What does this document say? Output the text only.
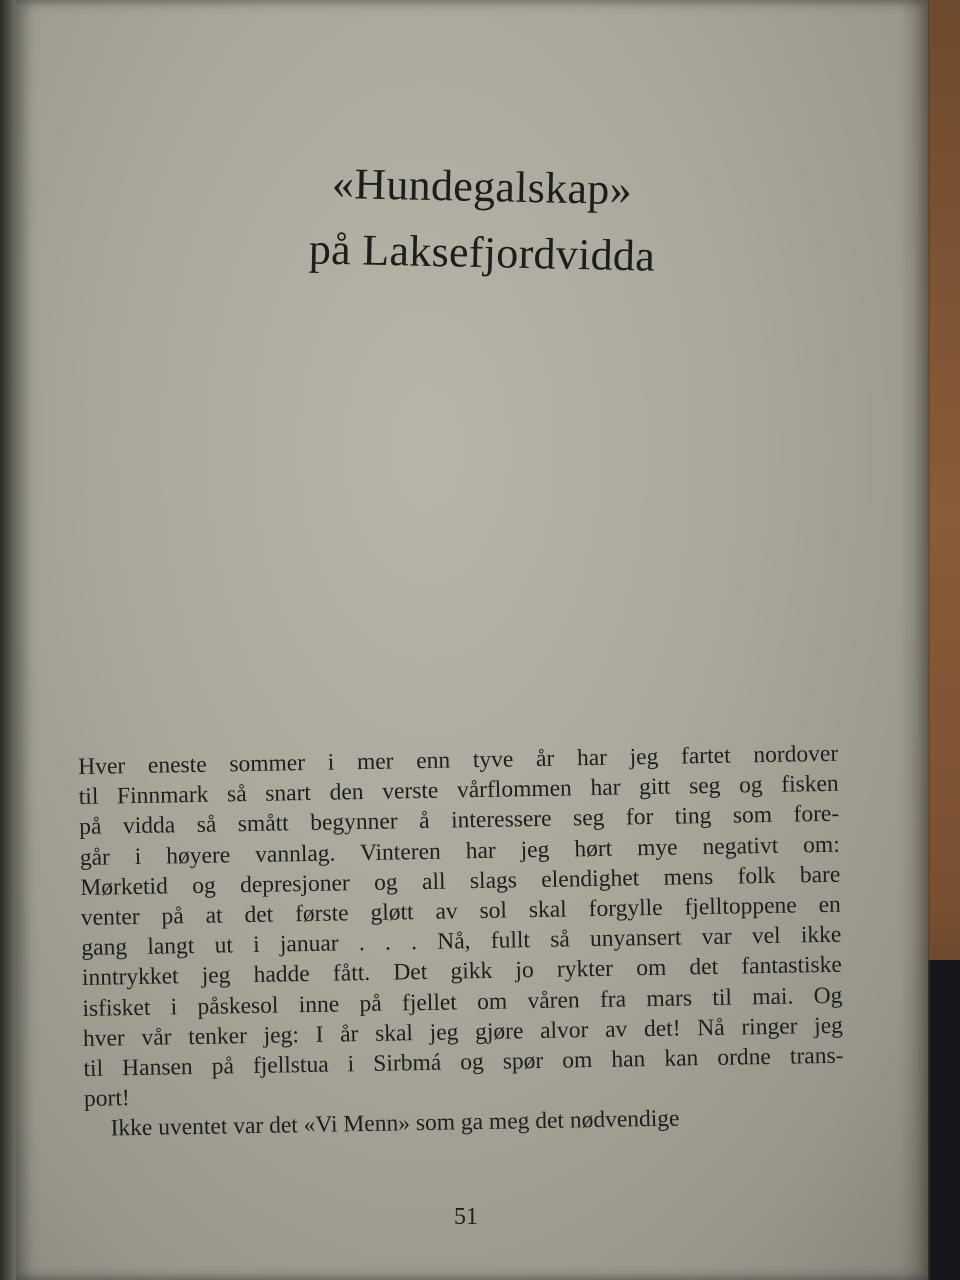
«Hundegalskap»
på Laksefjordvidda
Hver eneste sommer i mer enn tyve år har jeg fartet nordover
til Finnmark så snart den verste vårflommen har gitt seg og fisken
på vidda så smått begynner å interessere seg for ting som fore-
går i høyere vannlag. Vinteren har jeg hørt mye negativt om:
Mørketid og depresjoner og all slags elendighet mens folk bare
venter på at det første gløtt av sol skal forgylle fjelltoppene en
gang langt ut i januar . . . Nå, fullt så unyansert var vel ikke
inntrykket jeg hadde fått. Det gikk jo rykter om det fantastiske
isfisket i påskesol inne på fjellet om våren fra mars til mai. Og
hver vår tenker jeg: I år skal jeg gjøre alvor av det! Nå ringer jeg
til Hansen på fjellstua i Sirbmá og spør om han kan ordne trans-
port!
Ikke uventet var det «Vi Menn» som ga meg det nødvendige
51
